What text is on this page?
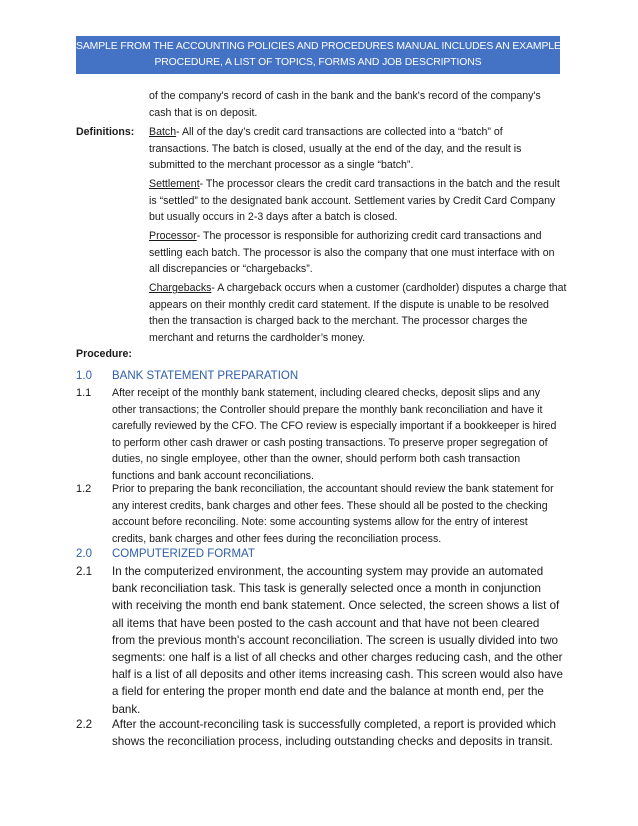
SAMPLE FROM THE ACCOUNTING POLICIES AND PROCEDURES MANUAL INCLUDES AN EXAMPLE
PROCEDURE, A LIST OF TOPICS, FORMS AND JOB DESCRIPTIONS
of the company's record of cash in the bank and the bank's record of the company's
cash that is on deposit.
Definitions: Batch- All of the day’s credit card transactions are collected into a “batch” of
transactions. The batch is closed, usually at the end of the day, and the result is
submitted to the merchant processor as a single “batch”.
Settlement- The processor clears the credit card transactions in the batch and the result
is “settled” to the designated bank account. Settlement varies by Credit Card Company
but usually occurs in 2-3 days after a batch is closed.
Processor- The processor is responsible for authorizing credit card transactions and
settling each batch. The processor is also the company that one must interface with on
all discrepancies or “chargebacks”.
Chargebacks- A chargeback occurs when a customer (cardholder) disputes a charge that
appears on their monthly credit card statement. If the dispute is unable to be resolved
then the transaction is charged back to the merchant. The processor charges the
merchant and returns the cardholder’s money.
Procedure:
1.0 BANK STATEMENT PREPARATION
1.1 After receipt of the monthly bank statement, including cleared checks, deposit slips and any
other transactions; the Controller should prepare the monthly bank reconciliation and have it
carefully reviewed by the CFO. The CFO review is especially important if a bookkeeper is hired
to perform other cash drawer or cash posting transactions. To preserve proper segregation of
duties, no single employee, other than the owner, should perform both cash transaction
functions and bank account reconciliations.
1.2 Prior to preparing the bank reconciliation, the accountant should review the bank statement for
any interest credits, bank charges and other fees. These should all be posted to the checking
account before reconciling. Note: some accounting systems allow for the entry of interest
credits, bank charges and other fees during the reconciliation process.
2.0 COMPUTERIZED FORMAT
2.1 In the computerized environment, the accounting system may provide an automated
bank reconciliation task. This task is generally selected once a month in conjunction
with receiving the month end bank statement. Once selected, the screen shows a list of
all items that have been posted to the cash account and that have not been cleared
from the previous month's account reconciliation. The screen is usually divided into two
segments: one half is a list of all checks and other charges reducing cash, and the other
half is a list of all deposits and other items increasing cash. This screen would also have
a field for entering the proper month end date and the balance at month end, per the
bank.
2.2 After the account-reconciling task is successfully completed, a report is provided which
shows the reconciliation process, including outstanding checks and deposits in transit.
